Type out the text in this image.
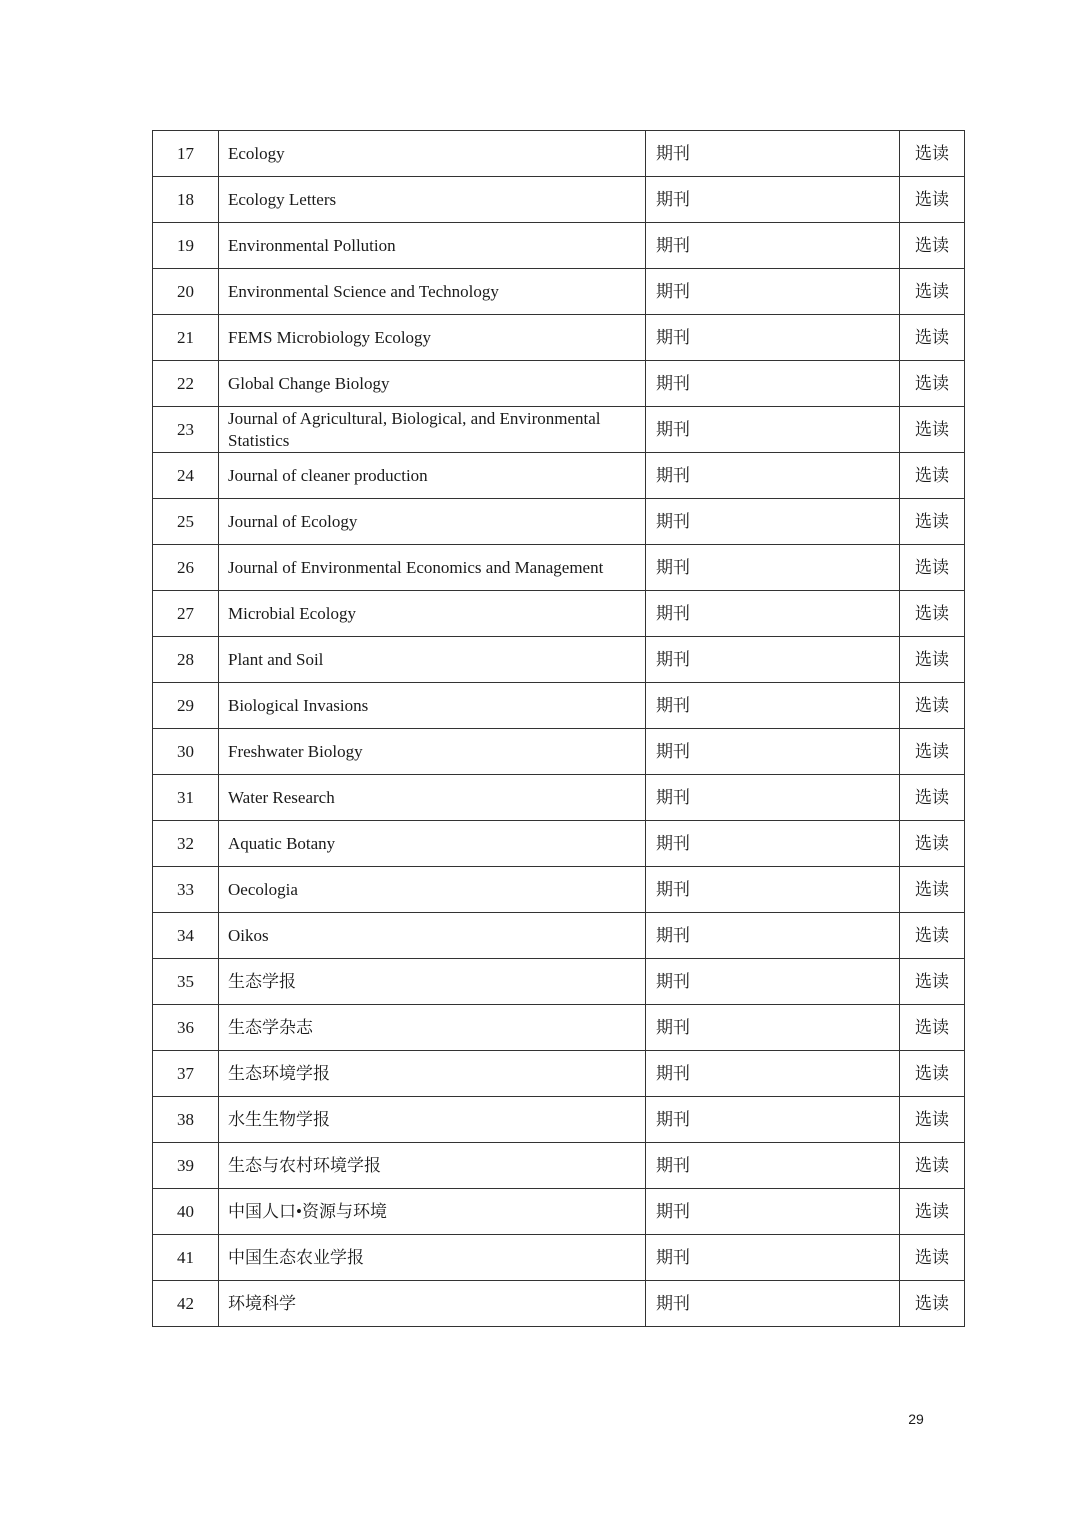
17	Ecology	期刊	选读
18	Ecology Letters	期刊	选读
19	Environmental Pollution	期刊	选读
20	Environmental Science and Technology	期刊	选读
21	FEMS Microbiology Ecology	期刊	选读
22	Global Change Biology	期刊	选读
23	Journal of Agricultural, Biological, and Environmental Statistics	期刊	选读
24	Journal of cleaner production	期刊	选读
25	Journal of Ecology	期刊	选读
26	Journal of Environmental Economics and Management	期刊	选读
27	Microbial Ecology	期刊	选读
28	Plant and Soil	期刊	选读
29	Biological Invasions	期刊	选读
30	Freshwater Biology	期刊	选读
31	Water Research	期刊	选读
32	Aquatic Botany	期刊	选读
33	Oecologia	期刊	选读
34	Oikos	期刊	选读
35	生态学报	期刊	选读
36	生态学杂志	期刊	选读
37	生态环境学报	期刊	选读
38	水生生物学报	期刊	选读
39	生态与农村环境学报	期刊	选读
40	中国人口•资源与环境	期刊	选读
41	中国生态农业学报	期刊	选读
42	环境科学	期刊	选读
29
